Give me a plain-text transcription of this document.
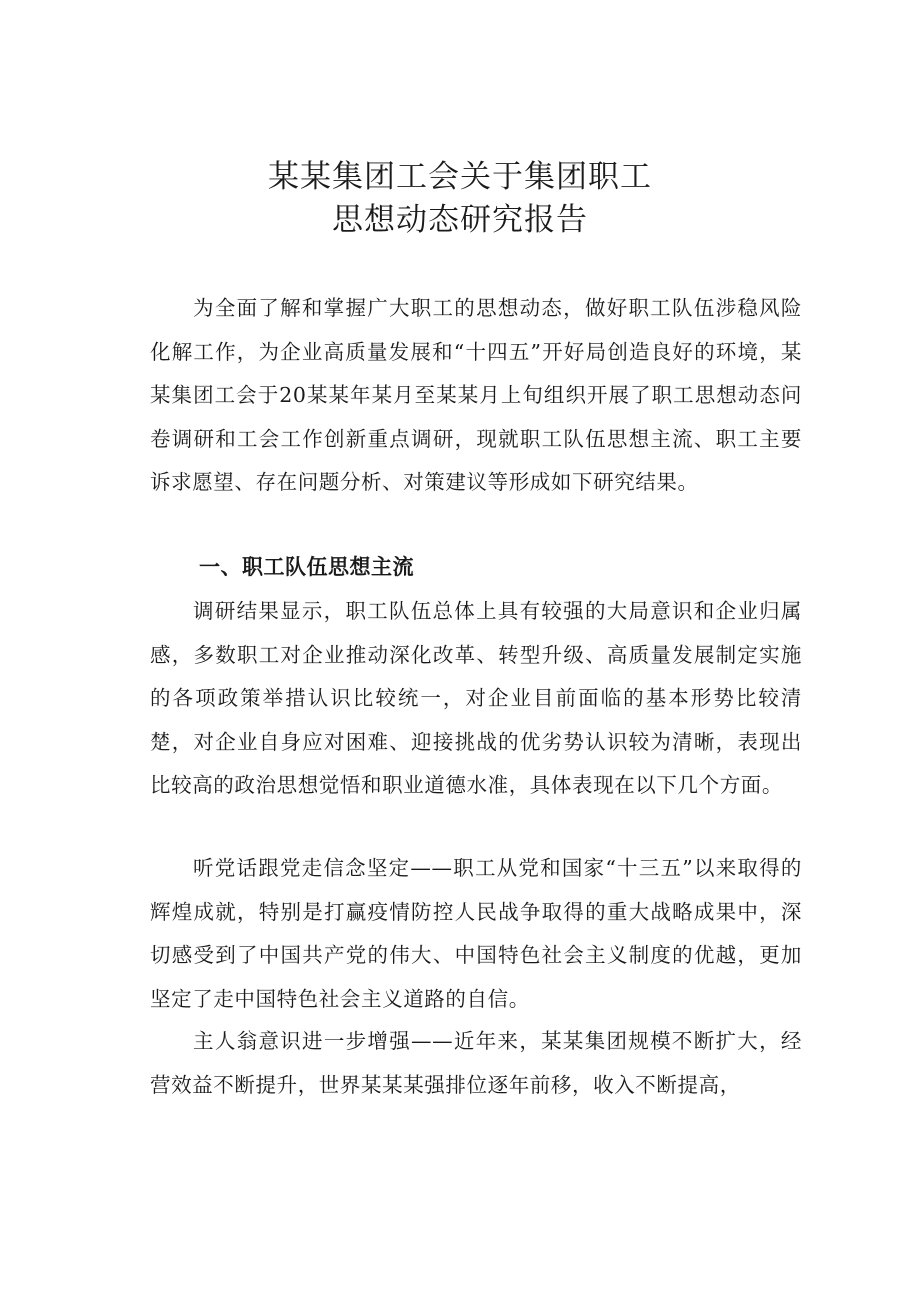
某某集团工会关于集团职工
思想动态研究报告

为全面了解和掌握广大职工的思想动态，做好职工队伍涉稳风险化解工作，为企业高质量发展和“十四五”开好局创造良好的环境，某某集团工会于20某某年某月至某某月上旬组织开展了职工思想动态问卷调研和工会工作创新重点调研，现就职工队伍思想主流、职工主要诉求愿望、存在问题分析、对策建议等形成如下研究结果。

一、职工队伍思想主流

调研结果显示，职工队伍总体上具有较强的大局意识和企业归属感，多数职工对企业推动深化改革、转型升级、高质量发展制定实施的各项政策举措认识比较统一，对企业目前面临的基本形势比较清楚，对企业自身应对困难、迎接挑战的优劣势认识较为清晰，表现出比较高的政治思想觉悟和职业道德水准，具体表现在以下几个方面。

听党话跟党走信念坚定——职工从党和国家“十三五”以来取得的辉煌成就，特别是打赢疫情防控人民战争取得的重大战略成果中，深切感受到了中国共产党的伟大、中国特色社会主义制度的优越，更加坚定了走中国特色社会主义道路的自信。

主人翁意识进一步增强——近年来，某某集团规模不断扩大，经营效益不断提升，世界某某某强排位逐年前移，收入不断提高，
